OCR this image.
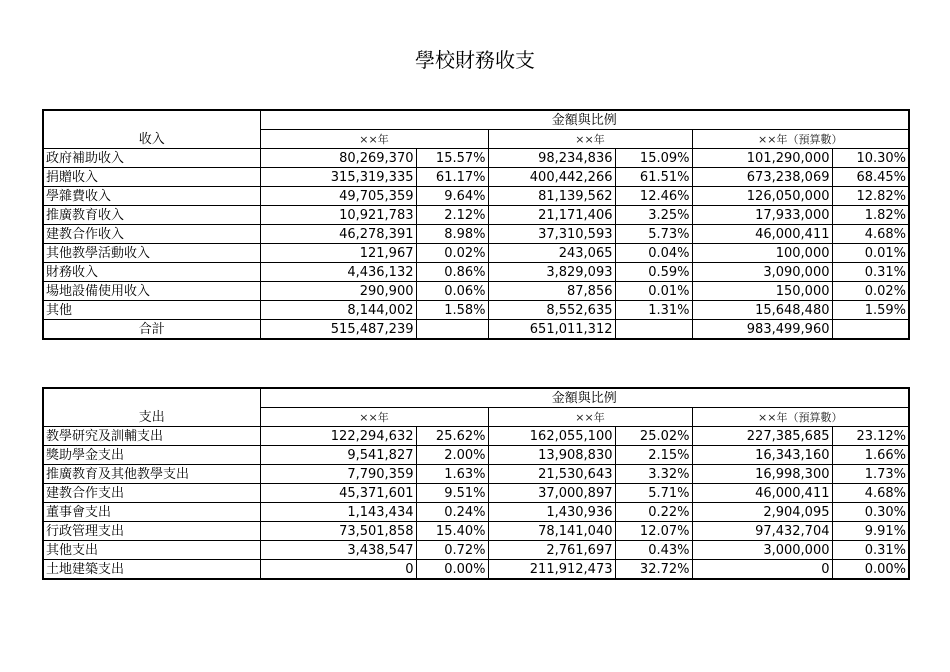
學校財務收支
收入	金額與比例					
	××年		××年		××年（預算數）	
政府補助收入	80,269,370	15.57%	98,234,836	15.09%	101,290,000	10.30%
捐贈收入	315,319,335	61.17%	400,442,266	61.51%	673,238,069	68.45%
學雜費收入	49,705,359	9.64%	81,139,562	12.46%	126,050,000	12.82%
推廣教育收入	10,921,783	2.12%	21,171,406	3.25%	17,933,000	1.82%
建教合作收入	46,278,391	8.98%	37,310,593	5.73%	46,000,411	4.68%
其他教學活動收入	121,967	0.02%	243,065	0.04%	100,000	0.01%
財務收入	4,436,132	0.86%	3,829,093	0.59%	3,090,000	0.31%
場地設備使用收入	290,900	0.06%	87,856	0.01%	150,000	0.02%
其他	8,144,002	1.58%	8,552,635	1.31%	15,648,480	1.59%
合計	515,487,239		651,011,312		983,499,960	
支出	金額與比例					
	××年		××年		××年（預算數）	
教學研究及訓輔支出	122,294,632	25.62%	162,055,100	25.02%	227,385,685	23.12%
獎助學金支出	9,541,827	2.00%	13,908,830	2.15%	16,343,160	1.66%
推廣教育及其他教學支出	7,790,359	1.63%	21,530,643	3.32%	16,998,300	1.73%
建教合作支出	45,371,601	9.51%	37,000,897	5.71%	46,000,411	4.68%
董事會支出	1,143,434	0.24%	1,430,936	0.22%	2,904,095	0.30%
行政管理支出	73,501,858	15.40%	78,141,040	12.07%	97,432,704	9.91%
其他支出	3,438,547	0.72%	2,761,697	0.43%	3,000,000	0.31%
土地建築支出	0	0.00%	211,912,473	32.72%	0	0.00%
